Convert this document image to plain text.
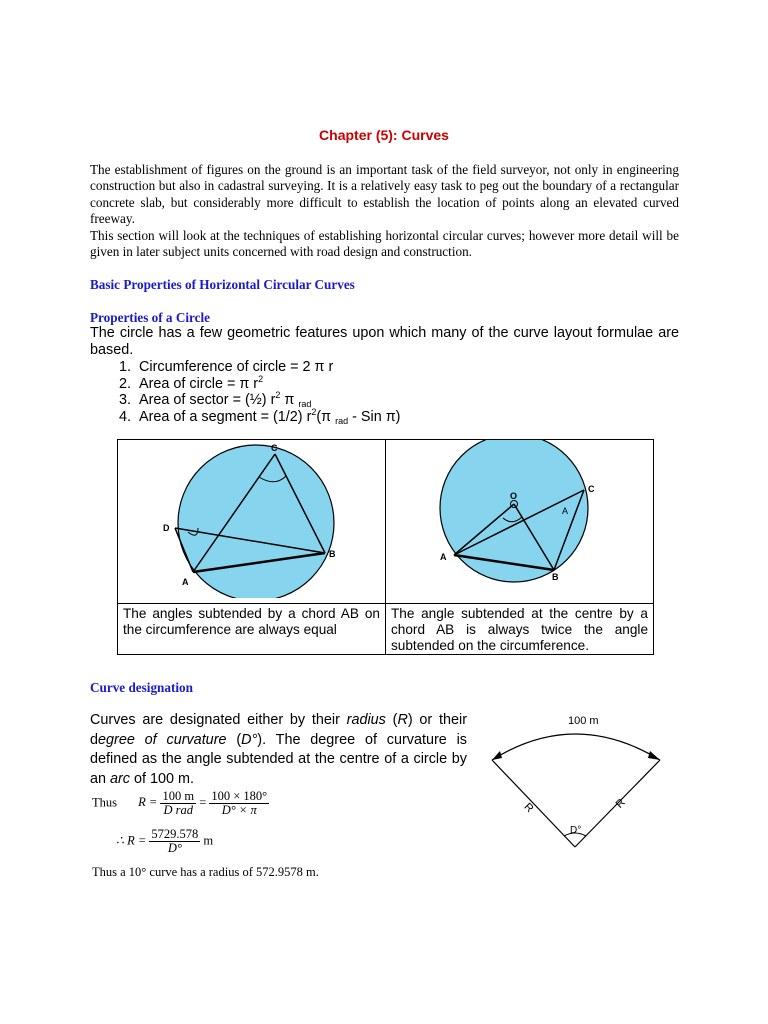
Chapter (5): Curves
The establishment of figures on the ground is an important task of the field surveyor, not only in engineering construction but also in cadastral surveying. It is a relatively easy task to peg out the boundary of a rectangular concrete slab, but considerably more difficult to establish the location of points along an elevated curved freeway.
This section will look at the techniques of establishing horizontal circular curves; however more detail will be given in later subject units concerned with road design and construction.
Basic Properties of Horizontal Circular Curves
Properties of a Circle
The circle has a few geometric features upon which many of the curve layout formulae are based.
1. Circumference of circle = 2 π r
2. Area of circle = π $r^2$
3. Area of sector = (½) $r^2$ π $_{rad}$
4. Area of a segment = (1/2) $r^2(\pi$ $_{rad}$ - Sin π)
C
D
A
B	O
C
A
A
B

The angles subtended by a chord AB on the circumference are always equal	The angle subtended at the centre by a chord AB is always twice the angle subtended on the circumference.
Curve designation
Curves are designated either by their radius (R) or their degree of curvature (D°). The degree of curvature is defined as the angle subtended at the centre of a circle by an arc of 100 m.
Thus $R = \frac{100 m}{\text{D rad}} = \frac{100 \times 180^\circ}{D^\circ \times \pi}$
∴ $R = \frac{5729.578}{D^\circ}$ m
Thus a 10° curve has a radius of 572.9578 m.
100 m
R	R
D°
